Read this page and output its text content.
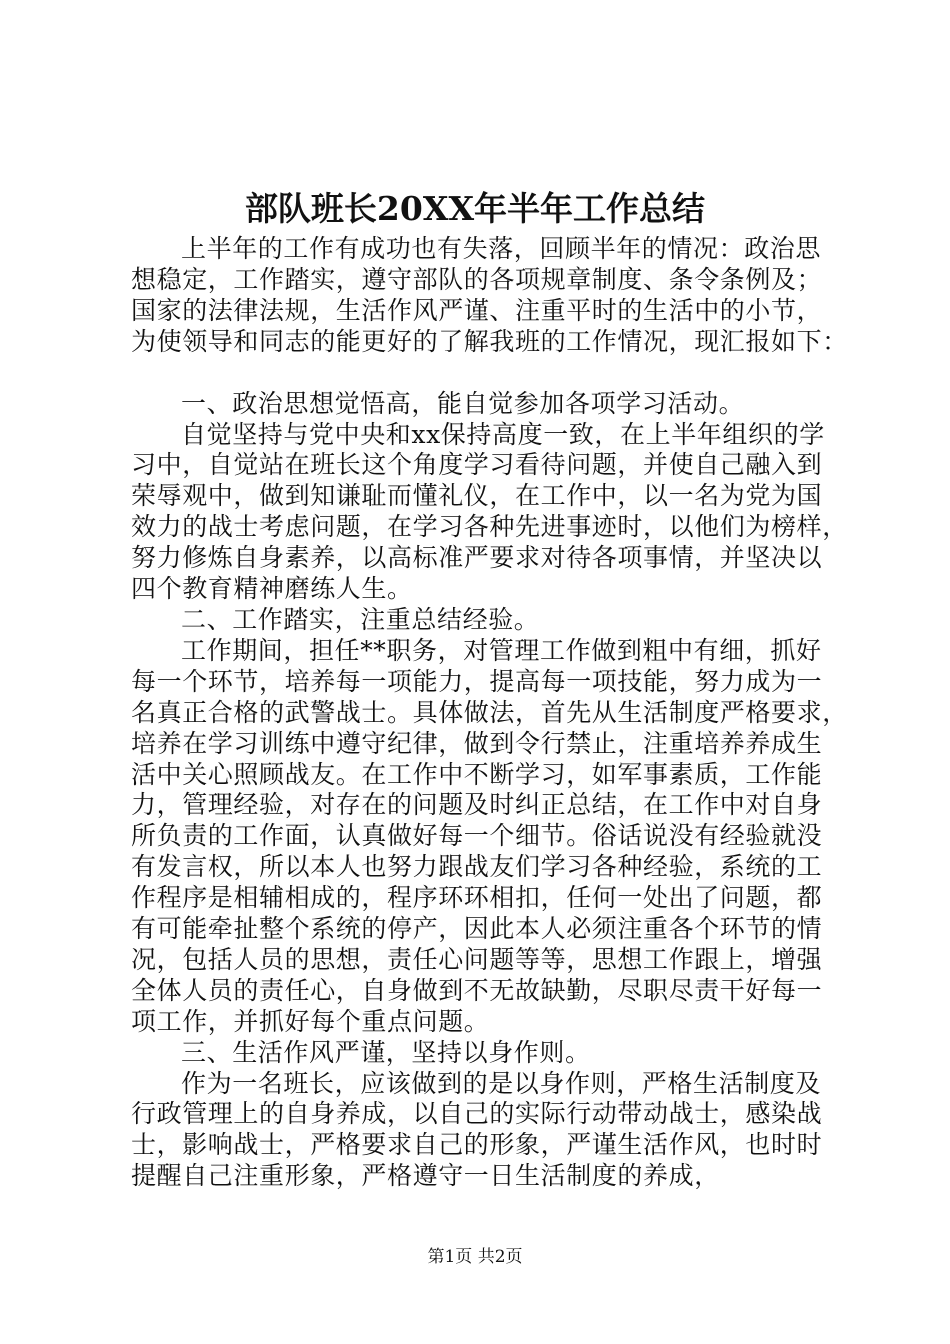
部队班长20XX年半年工作总结
上半年的工作有成功也有失落，回顾半年的情况：政治思
想稳定，工作踏实，遵守部队的各项规章制度、条令条例及；
国家的法律法规，生活作风严谨、注重平时的生活中的小节，
为使领导和同志的能更好的了解我班的工作情况，现汇报如下：
一、政治思想觉悟高，能自觉参加各项学习活动。
自觉坚持与党中央和xx保持高度一致，在上半年组织的学
习中，自觉站在班长这个角度学习看待问题，并使自己融入到
荣辱观中，做到知谦耻而懂礼仪，在工作中，以一名为党为国
效力的战士考虑问题，在学习各种先进事迹时，以他们为榜样，
努力修炼自身素养，以高标准严要求对待各项事情，并坚决以
四个教育精神磨练人生。
二、工作踏实，注重总结经验。
工作期间，担任**职务，对管理工作做到粗中有细，抓好
每一个环节，培养每一项能力，提高每一项技能，努力成为一
名真正合格的武警战士。具体做法，首先从生活制度严格要求，
培养在学习训练中遵守纪律，做到令行禁止，注重培养养成生
活中关心照顾战友。在工作中不断学习，如军事素质，工作能
力，管理经验，对存在的问题及时纠正总结，在工作中对自身
所负责的工作面，认真做好每一个细节。俗话说没有经验就没
有发言权，所以本人也努力跟战友们学习各种经验，系统的工
作程序是相辅相成的，程序环环相扣，任何一处出了问题，都
有可能牵扯整个系统的停产，因此本人必须注重各个环节的情
况，包括人员的思想，责任心问题等等，思想工作跟上，增强
全体人员的责任心，自身做到不无故缺勤，尽职尽责干好每一
项工作，并抓好每个重点问题。
三、生活作风严谨，坚持以身作则。
作为一名班长，应该做到的是以身作则，严格生活制度及
行政管理上的自身养成，以自己的实际行动带动战士，感染战
士，影响战士，严格要求自己的形象，严谨生活作风，也时时
提醒自己注重形象，严格遵守一日生活制度的养成，
第1页 共2页
